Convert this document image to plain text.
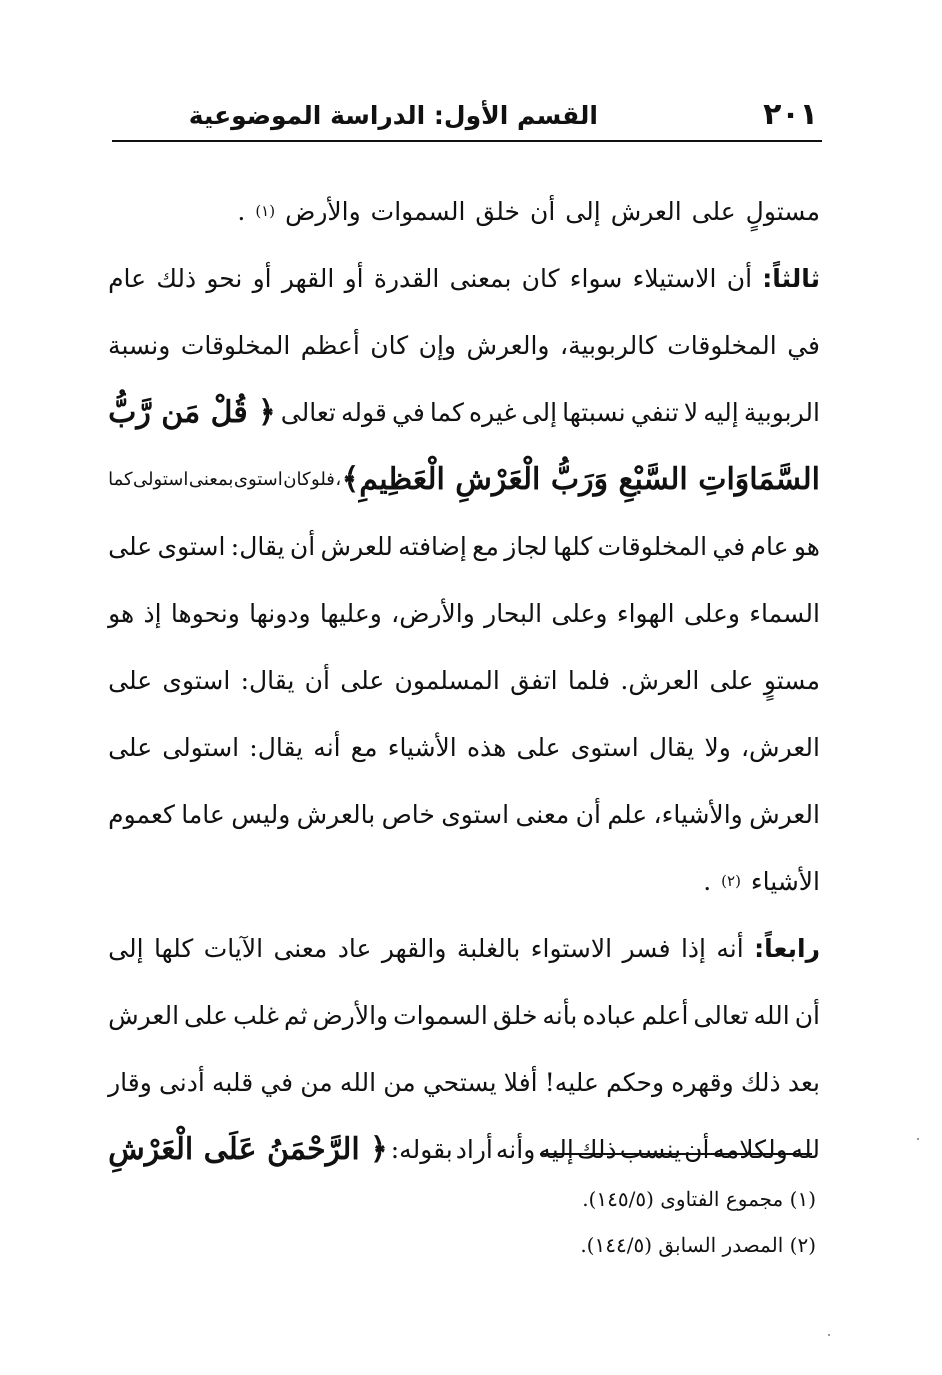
٢٠١
القسم الأول: الدراسة الموضوعية
مستولٍ
على
العرش
إلى
أن
خلق
السموات
والأرض
$^{(١)}$
.
ثالثاً:
أن
الاستيلاء
سواء
كان
بمعنى
القدرة
أو
القهر
أو
نحو
ذلك
عام
في
المخلوقات
كالربوبية،
والعرش
وإن
كان
أعظم
المخلوقات
ونسبة
الربوبية
إليه
لا
تنفي
نسبتها
إلى
غيره
كما
في
قوله
تعالى
﴿ قُلْ مَن رَّبُّ
السَّمَاوَاتِ السَّبْعِ وَرَبُّ الْعَرْشِ الْعَظِيمِ﴾
،
فلو
كان
استوى
بمعنى
استولى
كما
هو
عام
في
المخلوقات
كلها
لجاز
مع
إضافته
للعرش
أن
يقال:
استوى
على
السماء
وعلى
الهواء
وعلى
البحار
والأرض،
وعليها
ودونها
ونحوها
إذ
هو
مستوٍ
على
العرش.
فلما
اتفق
المسلمون
على
أن
يقال:
استوى
على
العرش،
ولا
يقال
استوى
على
هذه
الأشياء
مع
أنه
يقال:
استولى
على
العرش
والأشياء،
علم
أن
معنى
استوى
خاص
بالعرش
وليس
عاما
كعموم
الأشياء
$^{(٢)}$
.
رابعاً:
أنه
إذا
فسر
الاستواء
بالغلبة
والقهر
عاد
معنى
الآيات
كلها
إلى
أن
الله
تعالى
أعلم
عباده
بأنه
خلق
السموات
والأرض
ثم
غلب
على
العرش
بعد
ذلك
وقهره
وحكم
عليه!
أفلا
يستحي
من
الله
من
في
قلبه
أدنى
وقار
لله
ولكلامه
أن
ينسب
ذلك
إليه
وأنه
أراد
بقوله:
﴿ الرَّحْمَنُ عَلَى الْعَرْشِ
(١) مجموع الفتاوى (١٤٥/٥).
(٢) المصدر السابق (١٤٤/٥).
